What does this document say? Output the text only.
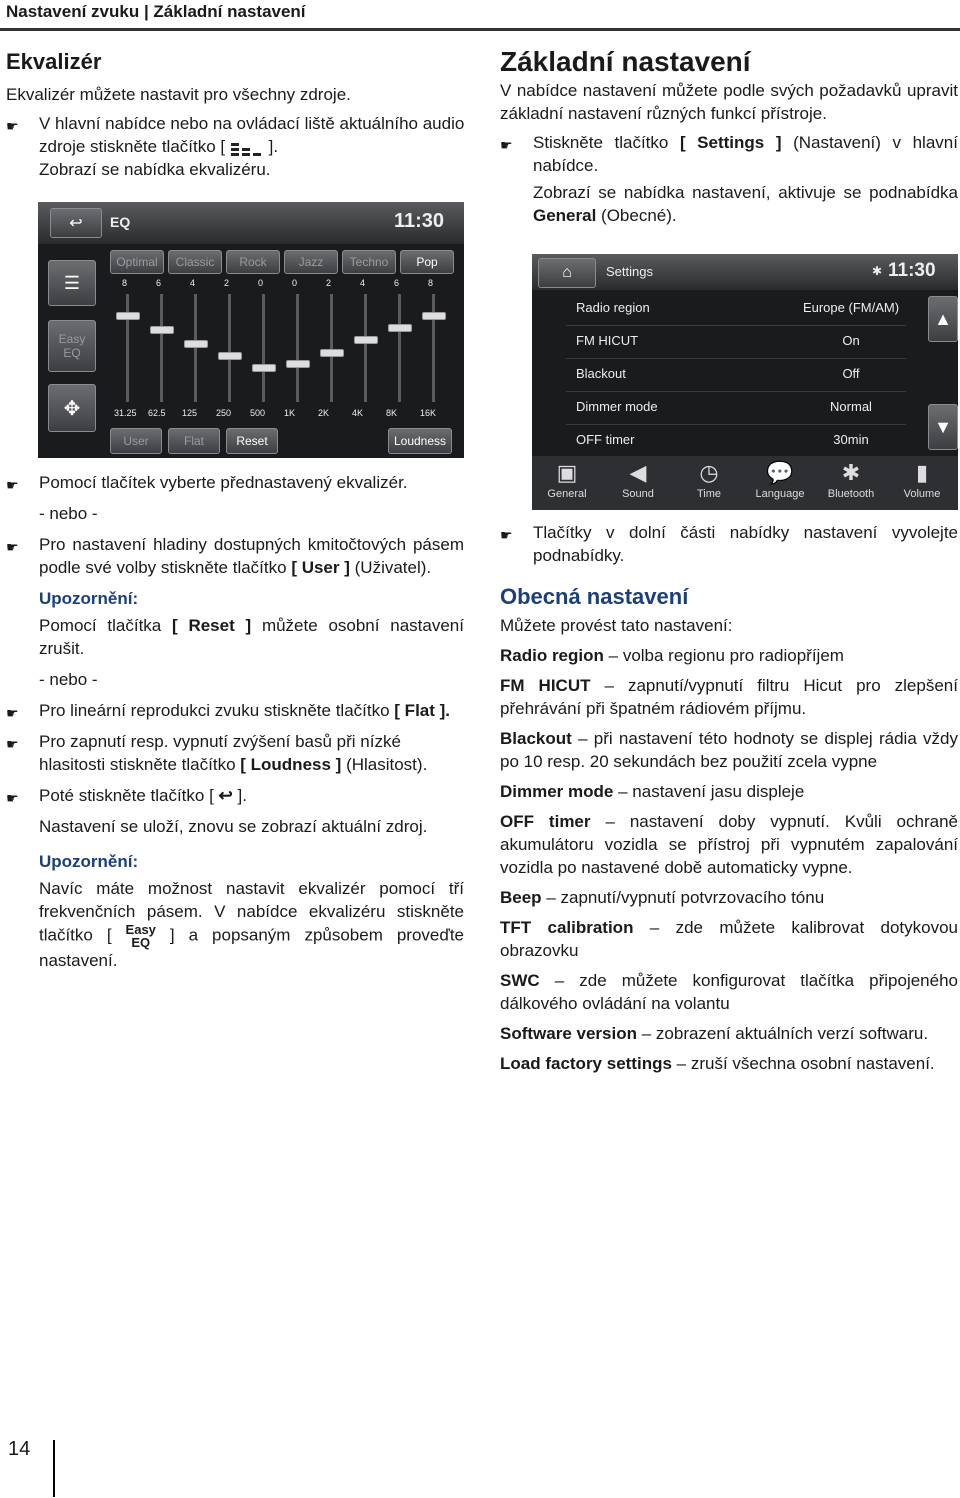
Nastavení zvuku | Základní nastavení
Ekvalizér

Ekvalizér můžete nastavit pro všechny zdroje.

☛ V hlavní nabídce nebo na ovládací liště aktuálního audio zdroje stiskněte tlačítko [	].
Zobrazí se nabídka ekvalizéru.
↩ EQ	11:30
☰
Easy
EQ
✥
Optimal	Classic	Rock	Jazz	Techno	Pop
8
31.25
6
62.5
4
125
2
250
0
500
0
1K
2
2K
4
4K
6
8K
8
16K
User	Flat	Reset	Loudness
☛ Pomocí tlačítek vyberte přednastavený ekvalizér.

- nebo -

☛ Pro nastavení hladiny dostupných kmitočtových pásem podle své volby stiskněte tlačítko [ User ] (Uživatel).

Upozornění:

Pomocí tlačítka [ Reset ] můžete osobní nastavení zrušit.

- nebo -

☛ Pro lineární reprodukci zvuku stiskněte tlačítko [ Flat ].
☛ Pro zapnutí resp. vypnutí zvýšení basů při nízké hlasitosti stiskněte tlačítko [ Loudness ] (Hlasitost).
☛ Poté stiskněte tlačítko [ ↩ ].

Nastavení se uloží, znovu se zobrazí aktuální zdroj.

Upozornění:

Navíc máte možnost nastavit ekvalizér pomocí tří frekvenčních pásem. V nabídce ekvalizéru stiskněte tlačítko [ Easy
EQ ] a popsaným způsobem proveďte nastavení.

Základní nastavení

V nabídce nastavení můžete podle svých požadavků upravit základní nastavení různých funkcí přístroje.

☛ Stiskněte tlačítko [ Settings ] (Nastavení) v hlavní nabídce.

Zobrazí se nabídka nastavení, aktivuje se podnabídka General (Obecné).

⌂	Settings	✱ 11:30
Radio region	Europe (FM/AM)
FM HICUT	On
Blackout	Off
Dimmer mode	Normal
OFF timer	30min
▲
▼
▣
General
◀
Sound
◷
Time
💬
Language
✱
Bluetooth
▮
Volume
☛ Tlačítky v dolní části nabídky nastavení vyvolejte podnabídky.
Obecná nastavení

Můžete provést tato nastavení:

Radio region – volba regionu pro radiopříjem

FM HICUT – zapnutí/vypnutí filtru Hicut pro zlepšení přehrávání při špatném rádiovém příjmu.

Blackout – při nastavení této hodnoty se displej rádia vždy po 10 resp. 20 sekundách bez použití zcela vypne

Dimmer mode – nastavení jasu displeje

OFF timer – nastavení doby vypnutí. Kvůli ochraně akumulátoru vozidla se přístroj při vypnutém zapalování vozidla po nastavené době automaticky vypne.

Beep – zapnutí/vypnutí potvrzovacího tónu

TFT calibration – zde můžete kalibrovat dotykovou obrazovku

SWC – zde můžete konfigurovat tlačítka připojeného dálkového ovládání na volantu

Software version – zobrazení aktuálních verzí softwaru.

Load factory settings – zruší všechna osobní nastavení.

14
